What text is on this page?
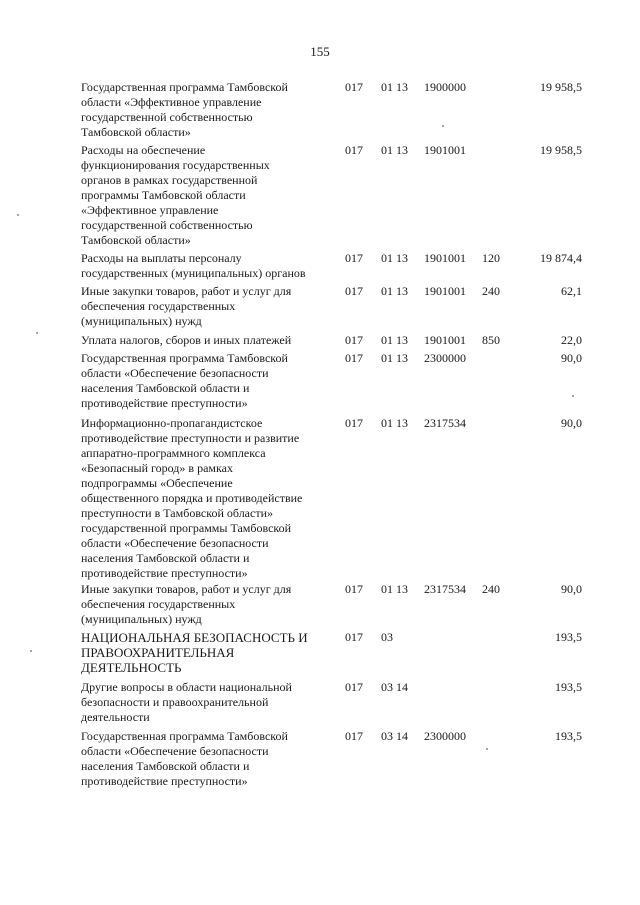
155
Государственная программа Тамбовской
области «Эффективное управление
государственной собственностью
Тамбовской области»
017 01 13 1900000	19 958,5
Расходы на обеспечение
функционирования государственных
органов в рамках государственной
программы Тамбовской области
«Эффективное управление
государственной собственностью
Тамбовской области»
017 01 13 1901001	19 958,5
Расходы на выплаты персоналу
государственных (муниципальных) органов
017 01 13 1901001 120	19 874,4
Иные закупки товаров, работ и услуг для
обеспечения государственных
(муниципальных) нужд
017 01 13 1901001 240	62,1
Уплата налогов, сборов и иных платежей	017 01 13 1901001 850	22,0
Государственная программа Тамбовской
области «Обеспечение безопасности
населения Тамбовской области и
противодействие преступности»
017 01 13 2300000	90,0
Информационно-пропагандистское
противодействие преступности и развитие
аппаратно-программного комплекса
«Безопасный город» в рамках
подпрограммы «Обеспечение
общественного порядка и противодействие
преступности в Тамбовской области»
государственной программы Тамбовской
области «Обеспечение безопасности
населения Тамбовской области и
противодействие преступности»
017 01 13 2317534	90,0
Иные закупки товаров, работ и услуг для
обеспечения государственных
(муниципальных) нужд
017 01 13 2317534 240	90,0
НАЦИОНАЛЬНАЯ БЕЗОПАСНОСТЬ И
ПРАВООХРАНИТЕЛЬНАЯ
ДЕЯТЕЛЬНОСТЬ
017 03	193,5
Другие вопросы в области национальной
безопасности и правоохранительной
деятельности
017 03 14	193,5
Государственная программа Тамбовской
области «Обеспечение безопасности
населения Тамбовской области и
противодействие преступности»
017 03 14 2300000	193,5
